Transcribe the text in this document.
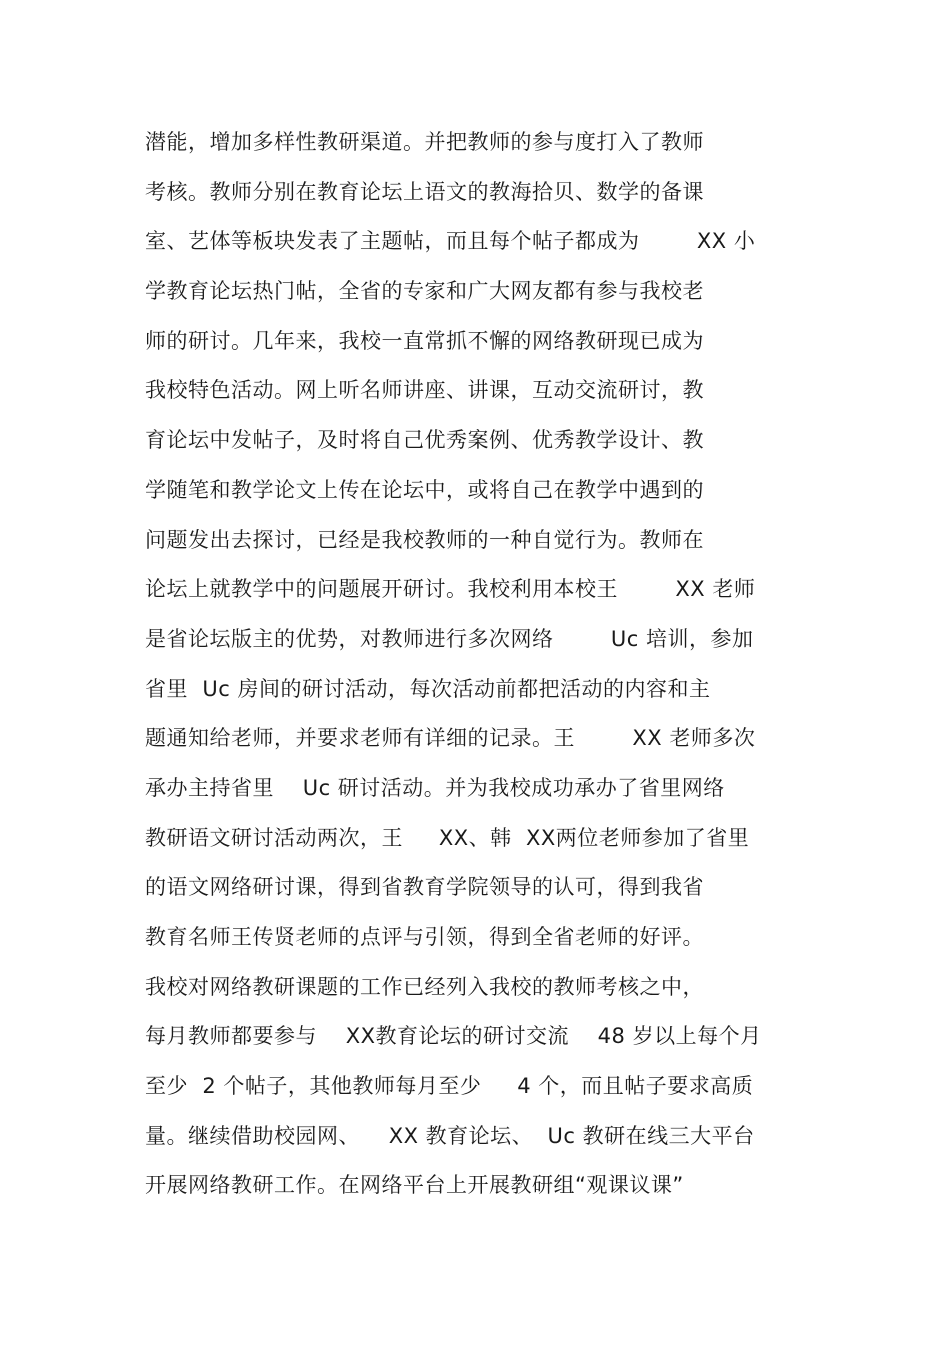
潜能，增加多样性教研渠道。并把教师的参与度打入了教师
考核。教师分别在教育论坛上语文的教海拾贝、数学的备课
室、艺体等板块发表了主题帖，而且每个帖子都成为        XX 小
学教育论坛热门帖，全省的专家和广大网友都有参与我校老
师的研讨。几年来，我校一直常抓不懈的网络教研现已成为
我校特色活动。网上听名师讲座、讲课，互动交流研讨，教
育论坛中发帖子，及时将自己优秀案例、优秀教学设计、教
学随笔和教学论文上传在论坛中，或将自己在教学中遇到的
问题发出去探讨，已经是我校教师的一种自觉行为。教师在
论坛上就教学中的问题展开研讨。我校利用本校王        XX 老师
是省论坛版主的优势，对教师进行多次网络        Uc 培训，参加
省里  Uc 房间的研讨活动，每次活动前都把活动的内容和主
题通知给老师，并要求老师有详细的记录。王        XX 老师多次
承办主持省里    Uc 研讨活动。并为我校成功承办了省里网络
教研语文研讨活动两次，王     XX、韩  XX两位老师参加了省里
的语文网络研讨课，得到省教育学院领导的认可，得到我省
教育名师王传贤老师的点评与引领，得到全省老师的好评。
我校对网络教研课题的工作已经列入我校的教师考核之中，
每月教师都要参与    XX教育论坛的研讨交流    48 岁以上每个月
至少  2 个帖子，其他教师每月至少     4 个，而且帖子要求高质
量。继续借助校园网、    XX 教育论坛、  Uc 教研在线三大平台
开展网络教研工作。在网络平台上开展教研组“观课议课”
